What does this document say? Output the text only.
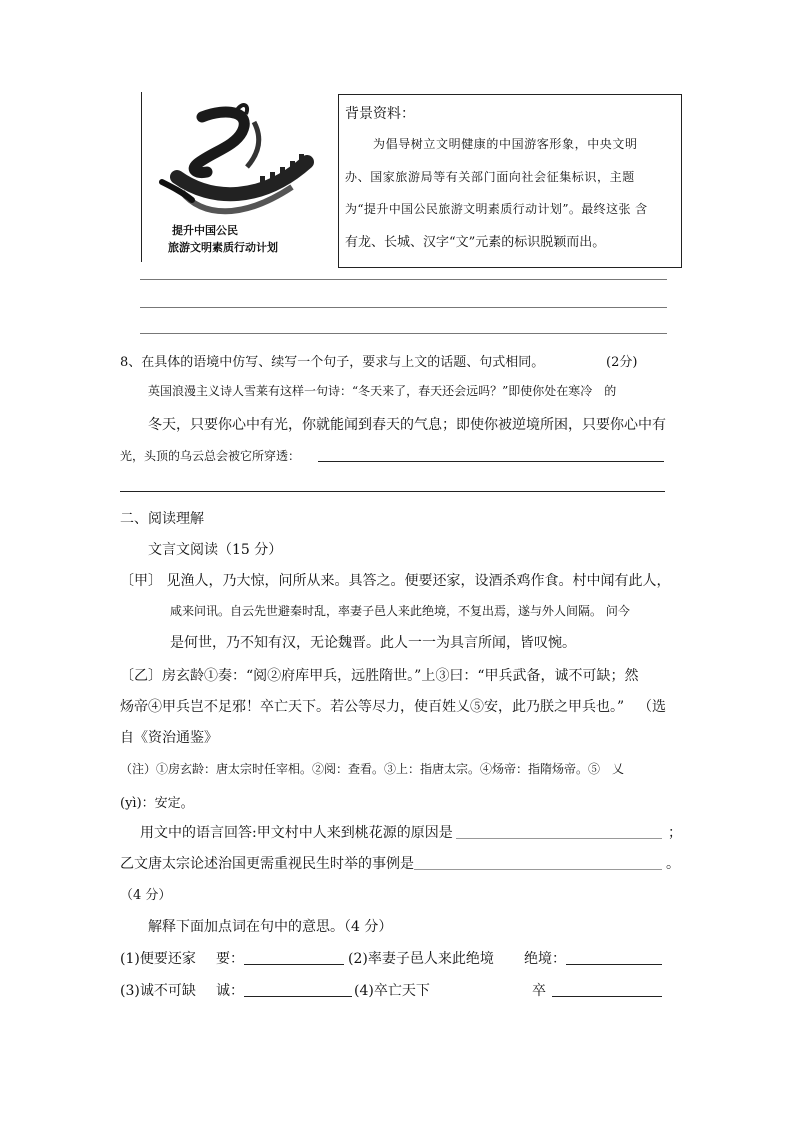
提升中国公民
旅游文明素质行动计划
背景资料：
为倡导树立文明健康的中国游客形象，中央文明
办、国家旅游局等有关部门面向社会征集标识，主题
为“提升中国公民旅游文明素质行动计划”。最终这张 含
有龙、长城、汉字“文”元素的标识脱颖而出。
8、在具体的语境中仿写、续写一个句子，要求与上文的话题、句式相同。	(2分)
英国浪漫主义诗人雪莱有这样一句诗：“冬天来了，春天还会远吗？”即使你处在寒冷　的
冬天，只要你心中有光，你就能闻到春天的气息；即使你被逆境所困，只要你心中有
光，头顶的乌云总会被它所穿透：
二、阅读理解
文言文阅读（15 分）
〔甲〕 见渔人，乃大惊，问所从来。具答之。便要还家，设酒杀鸡作食。村中闻有此人，
咸来问讯。自云先世避秦时乱，率妻子邑人来此绝境，不复出焉，遂与外人间隔。 问今
是何世，乃不知有汉，无论魏晋。此人一一为具言所闻，皆叹惋。
〔乙〕房玄龄①奏：“阅②府库甲兵，远胜隋世。”上③曰：“甲兵武备，诚不可缺；然
炀帝④甲兵岂不足邪！卒亡天下。若公等尽力，使百姓乂⑤安，此乃朕之甲兵也。” （选
自《资治通鉴》
（注）①房玄龄：唐太宗时任宰相。②阅：查看。③上：指唐太宗。④炀帝：指隋炀帝。⑤　乂
(yì)：安定。
用文中的语言回答:甲文村中人来到桃花源的原因是	；
乙文唐太宗论述治国更需重视民生时举的事例是	。
（4 分）
解释下面加点词在句中的意思。（4 分）
(1)便要还家 要：	(2)率妻子邑人来此绝境 绝境：
(3)诚不可缺 诚：	(4)卒亡天下	卒
